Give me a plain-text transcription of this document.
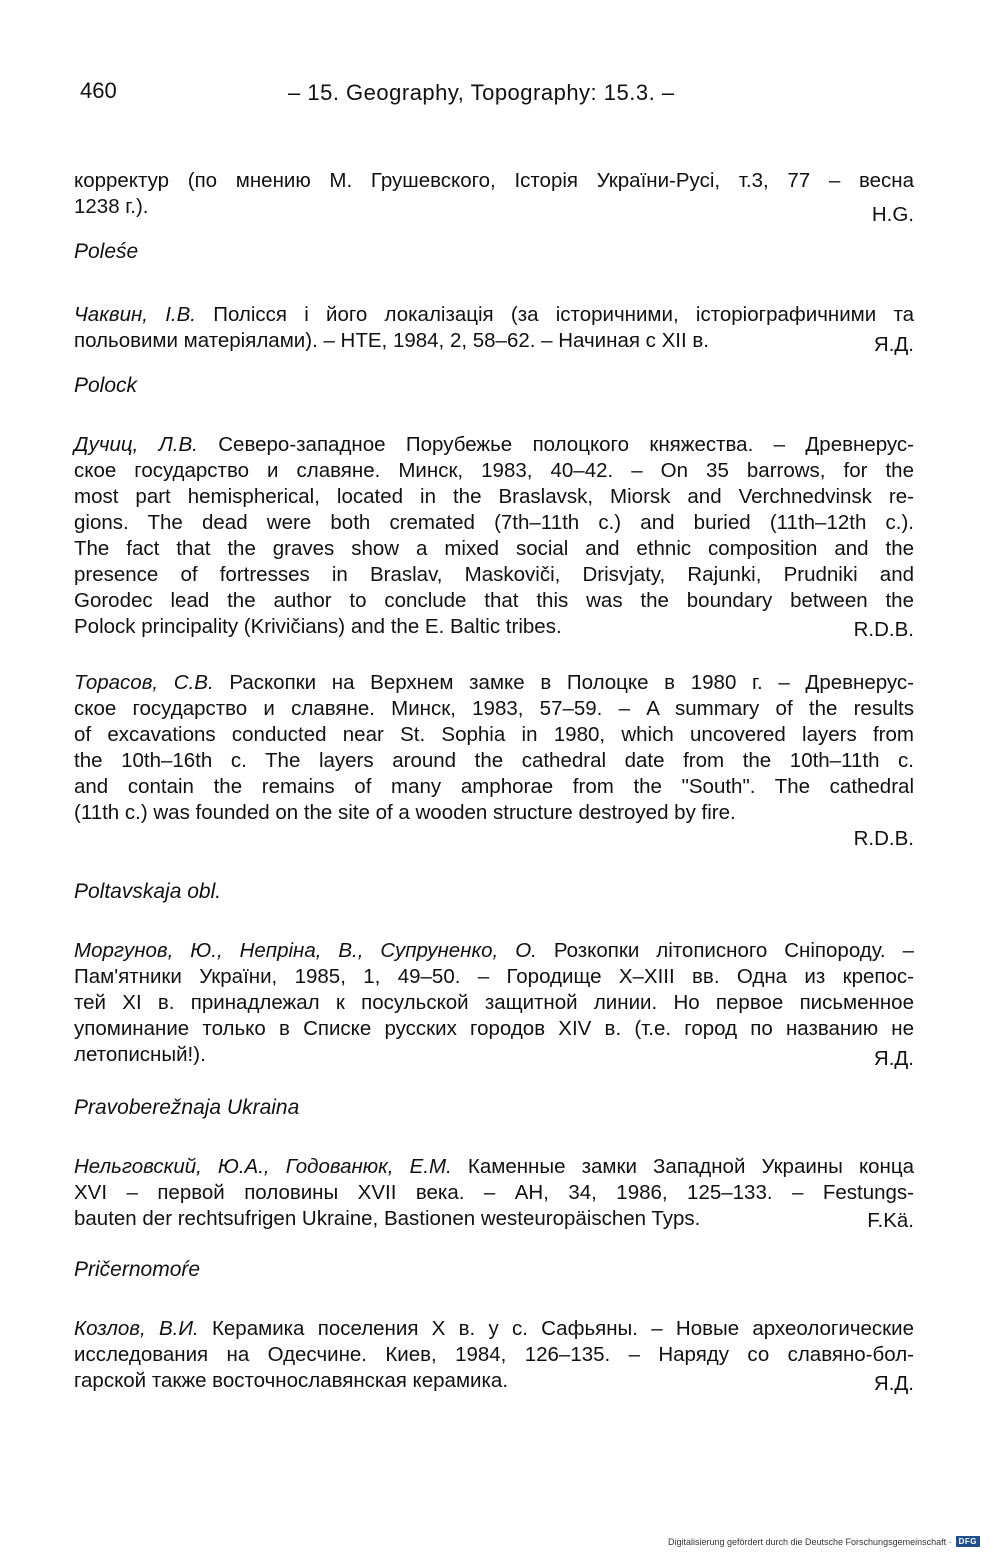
460	– 15. Geography, Topography: 15.3. –
корректур (по мнению М. Грушевского, Історія України-Русі, т.3, 77 – весна
1238 г.).	H.G.
Poleśe
Чаквин, І.В. Полісся і його локалізація (за історичними, історіографичними та
польовими матеріялами). – НТЕ, 1984, 2, 58–62. – Начиная с XII в.	Я.Д.
Polock
Дучиц, Л.В. Северо-западное Порубежье полоцкого княжества. – Древнерус-
ское государство и славяне. Минск, 1983, 40–42. – On 35 barrows, for the
most part hemispherical, located in the Braslavsk, Miorsk and Verchnedvinsk re-
gions. The dead were both cremated (7th–11th c.) and buried (11th–12th c.).
The fact that the graves show a mixed social and ethnic composition and the
presence of fortresses in Braslav, Maskoviči, Drisvjaty, Rajunki, Prudniki and
Gorodec lead the author to conclude that this was the boundary between the
Polock principality (Krivičians) and the E. Baltic tribes.	R.D.B.
Торасов, С.В. Раскопки на Верхнем замке в Полоцке в 1980 г. – Древнерус-
ское государство и славяне. Минск, 1983, 57–59. – A summary of the results
of excavations conducted near St. Sophia in 1980, which uncovered layers from
the 10th–16th c. The layers around the cathedral date from the 10th–11th c.
and contain the remains of many amphorae from the "South". The cathedral
(11th c.) was founded on the site of a wooden structure destroyed by fire.
R.D.B.
Poltavskaja obl.
Моргунов, Ю., Непріна, В., Супруненко, О. Розкопки літописного Снiпороду. –
Пам'ятники України, 1985, 1, 49–50. – Городище X–XIII вв. Одна из крепос-
тей XI в. принадлежал к посульской защитной линии. Но первое письменное
упоминание только в Списке русских городов XIV в. (т.е. город по названию не
летописный!).	Я.Д.
Pravoberežnaja Ukraina
Нельговский, Ю.А., Годованюк, Е.М. Каменные замки Западной Украины конца
XVI – первой половины XVII века. – АН, 34, 1986, 125–133. – Festungs-
bauten der rechtsufrigen Ukraine, Bastionen westeuropäischen Typs.	F.Kä.
Pričernomoŕe
Козлов, В.И. Керамика поселения X в. у с. Сафьяны. – Новые археологические
исследования на Одесчине. Киев, 1984, 126–135. – Наряду со славяно-бол-
гарской также восточнославянская керамика.	Я.Д.
Digitalisierung gefördert durch die Deutsche Forschungsgemeinschaft · DFG
